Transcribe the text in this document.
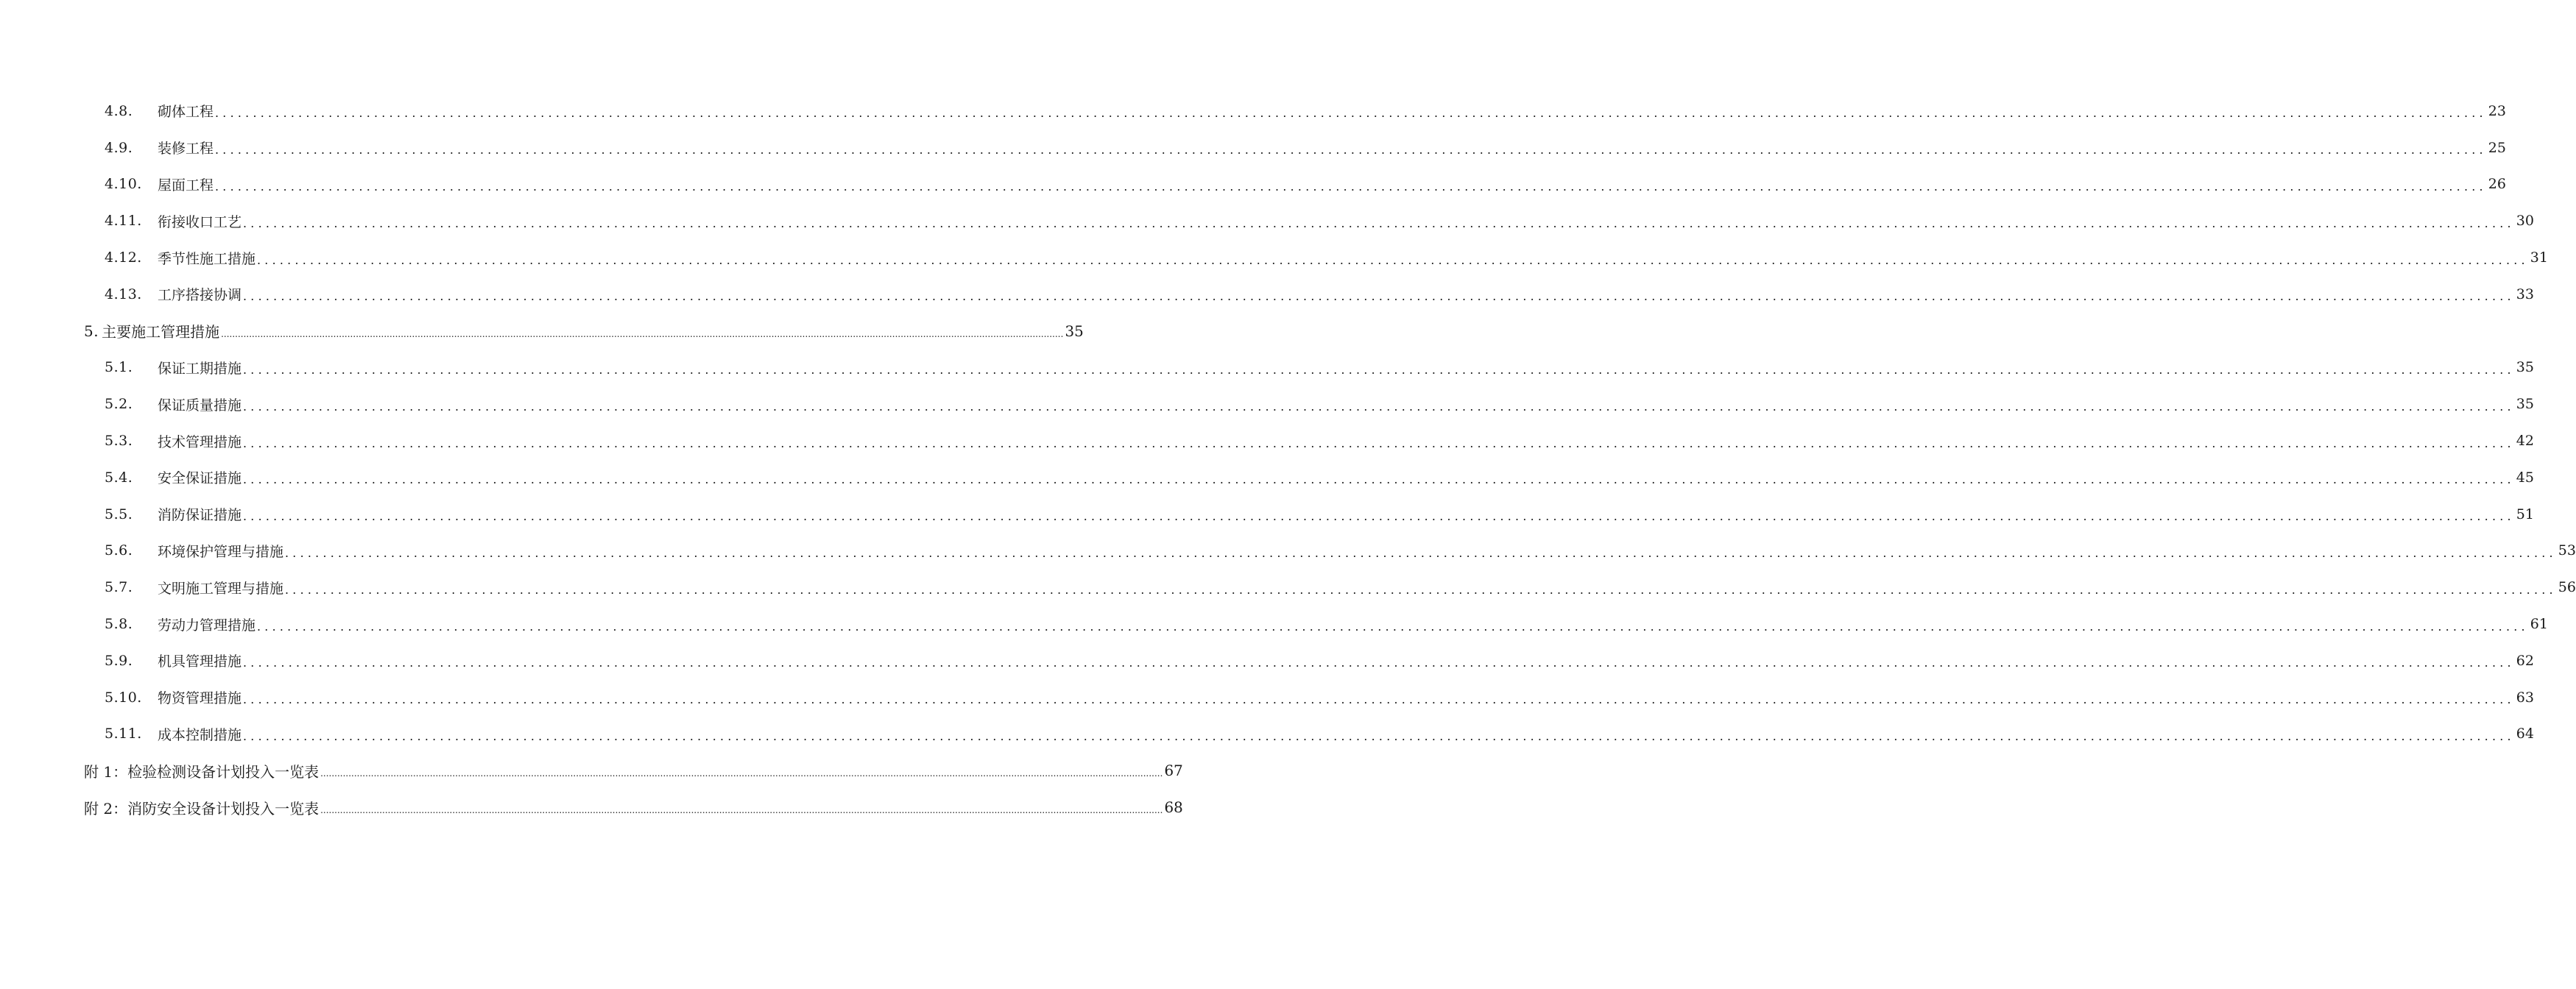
4.8.	砌体工程 ............................................................................................................................................................................................................................................................................................................ 23
4.9.	装修工程 ............................................................................................................................................................................................................................................................................................................ 25
4.10.	屋面工程 ............................................................................................................................................................................................................................................................................................................ 26
4.11.	衔接收口工艺 ............................................................................................................................................................................................................................................................................................................ 30
4.12.	季节性施工措施 ............................................................................................................................................................................................................................................................................................................ 31
4.13.	工序搭接协调 ............................................................................................................................................................................................................................................................................................................ 33
5. 主要施工管理措施 ............................................................................................................................................................................................................................................................................................................ 35
5.1.	保证工期措施 ............................................................................................................................................................................................................................................................................................................ 35
5.2.	保证质量措施 ............................................................................................................................................................................................................................................................................................................ 35
5.3.	技术管理措施 ............................................................................................................................................................................................................................................................................................................ 42
5.4.	安全保证措施 ............................................................................................................................................................................................................................................................................................................ 45
5.5.	消防保证措施 ............................................................................................................................................................................................................................................................................................................ 51
5.6.	环境保护管理与措施 ............................................................................................................................................................................................................................................................................................................ 53
5.7.	文明施工管理与措施 ............................................................................................................................................................................................................................................................................................................ 56
5.8.	劳动力管理措施 ............................................................................................................................................................................................................................................................................................................ 61
5.9.	机具管理措施 ............................................................................................................................................................................................................................................................................................................ 62
5.10.	物资管理措施 ............................................................................................................................................................................................................................................................................................................ 63
5.11.	成本控制措施 ............................................................................................................................................................................................................................................................................................................ 64
附 1：检验检测设备计划投入一览表 ............................................................................................................................................................................................................................................................................................................ 67
附 2：消防安全设备计划投入一览表 ............................................................................................................................................................................................................................................................................................................ 68
